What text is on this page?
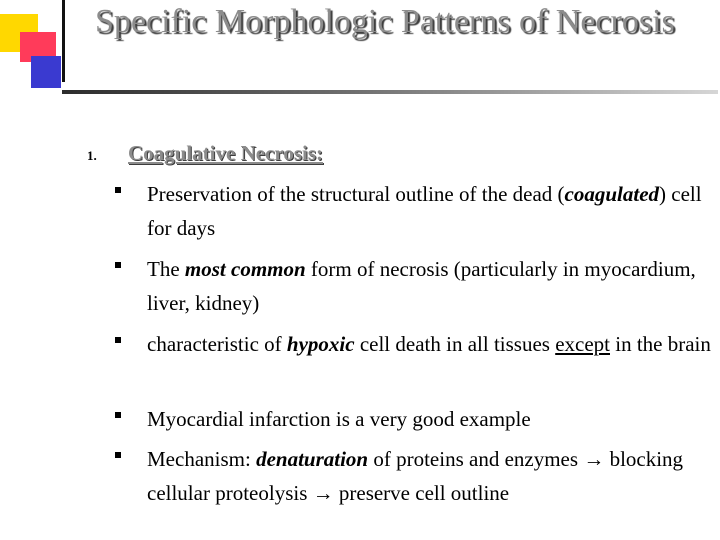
Specific Morphologic Patterns of Necrosis
1. Coagulative Necrosis:
Preservation of the structural outline of the dead (coagulated) cell for days
The most common form of necrosis (particularly in myocardium, liver, kidney)
characteristic of hypoxic cell death in all tissues except in the brain
Myocardial infarction is a very good example
Mechanism: denaturation of proteins and enzymes → blocking cellular proteolysis → preserve cell outline
